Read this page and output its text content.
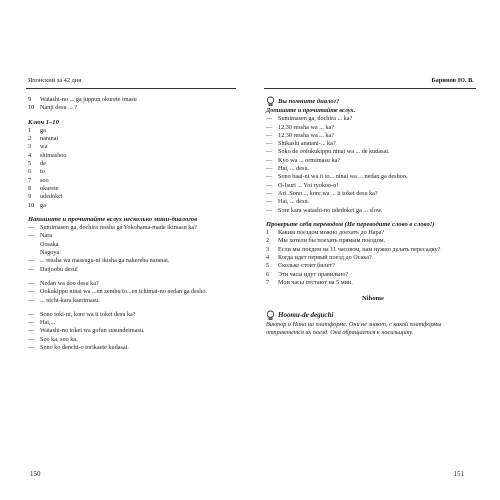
Японский за 42 дня
9 Watashi-no ... ga juppun okurete imasu
10 Nanji desu ... ?
Ключ 1–10
1 ga
2 naranai
3 wa
4 shimashoo
5 de
6 to
7 soo
8 okurete
9 udedokei
10 ga
Напишите и прочитайте вслух несколько мини-диалогов
— Sumimasen ga, dochira ressha ga Yokohama-made ikimasu ka?
— Nara
Oosaka
Nagoya
— ... ressha wa massugu-ni ikisha ga nakereba naranai.
— Daijoobu desu!
— Nedan wa doo desu ka?
— Ookukippu ninai wa ...en zembu to...en ichimai-no nedan ga desho.
— ... nichi-kara kaerimasu.
— Sono toki-ni, kore wa ii tokei desu ka?
— Hai,...
— Watashi-no tokei wa gofun susundeimasu.
— Soo ka, soo ka.
— Sono ko denchi-o torikaete kudasai.
150
Баринов Ю. В.
Вы помните диалог?
Допишите и прочитайте вслух.
— Sumimasen ga, dochira ... ka?
— 12.30 ressha wa ... ka?
— 12.30 ressha wa ... ka?
— Shikashi anatani-... ka?
— Soko de oofukukippu ninai wa ... de kudasai.
— Kyo wa ... ormimasu ka?
— Hai, ... desu.
— Sono baai-ni wa ii to... ninai wa ... nedan ga deshoo.
— O-Isuri ... Yoi ryokoo-o!
— Ari..Sono..., kore wa ... ii tokei desu ka?
— Hai, ... desu.
— Sore kara watashi-no udedokei ga ... slow.
Проверьте себя переводом (Не переводите слово в слово!)
1 Каким поездом можно доехать до Нара?
2 Мы хотели бы поехать прямым поездом.
3 Если мы поедем на 11 часовом, нам нужно делать пересадку?
4 Когда идет первый поезд до Осака?
5 Сколько стоит билет?
6 Эти часы идут правильно?
7 Мои часы отстают на 5 мин.
Nihome
Hoomu-de deguchi
Виктор и Нина на платформе. Они не знают, с какой платформы отправляется их поезд. Она обращается к носильщику.
151
